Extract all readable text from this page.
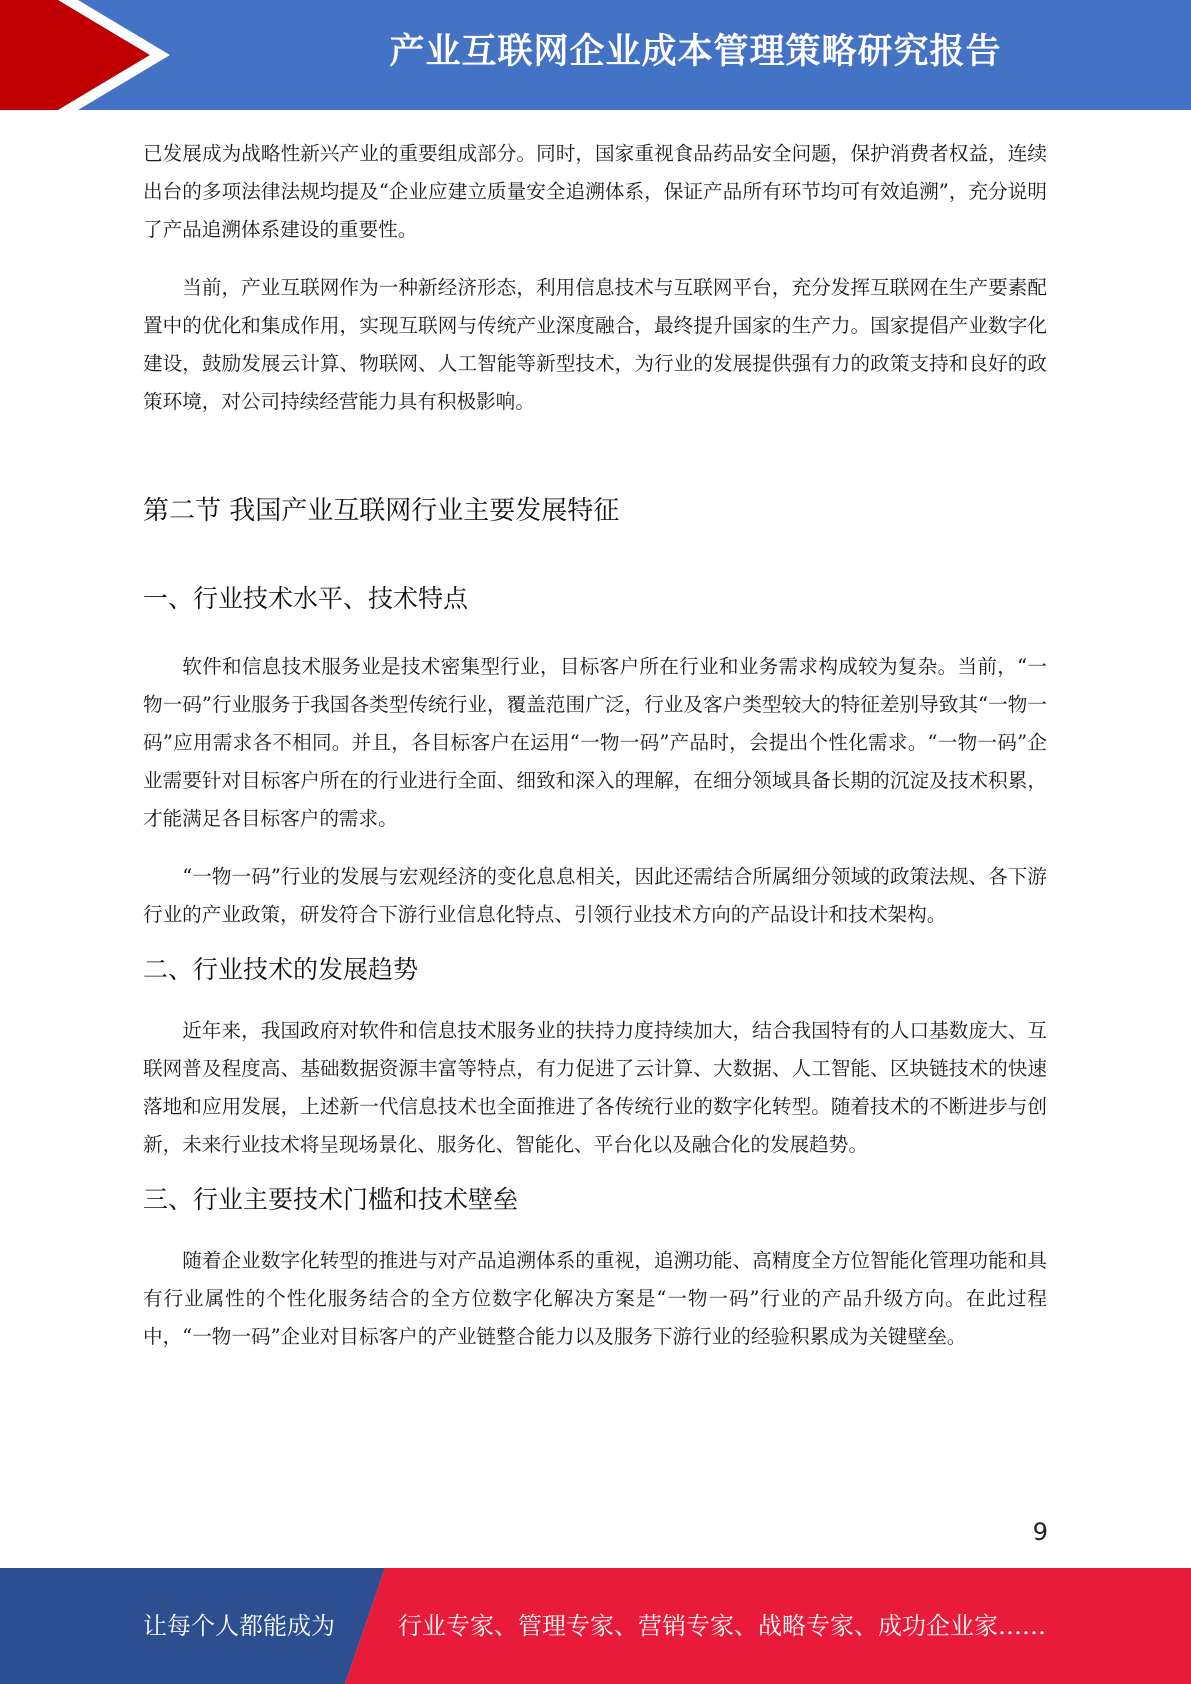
产业互联网企业成本管理策略研究报告

已发展成为战略性新兴产业的重要组成部分。同时，国家重视食品药品安全问题，保护消费者权益，连续出台的多项法律法规均提及“企业应建立质量安全追溯体系，保证产品所有环节均可有效追溯”，充分说明了产品追溯体系建设的重要性。

当前，产业互联网作为一种新经济形态，利用信息技术与互联网平台，充分发挥互联网在生产要素配置中的优化和集成作用，实现互联网与传统产业深度融合，最终提升国家的生产力。国家提倡产业数字化建设，鼓励发展云计算、物联网、人工智能等新型技术，为行业的发展提供强有力的政策支持和良好的政策环境，对公司持续经营能力具有积极影响。

第二节 我国产业互联网行业主要发展特征
一、行业技术水平、技术特点

软件和信息技术服务业是技术密集型行业，目标客户所在行业和业务需求构成较为复杂。当前，“一物一码”行业服务于我国各类型传统行业，覆盖范围广泛，行业及客户类型较大的特征差别导致其“一物一码”应用需求各不相同。并且，各目标客户在运用“一物一码”产品时，会提出个性化需求。“一物一码”企业需要针对目标客户所在的行业进行全面、细致和深入的理解，在细分领域具备长期的沉淀及技术积累，才能满足各目标客户的需求。

“一物一码”行业的发展与宏观经济的变化息息相关，因此还需结合所属细分领域的政策法规、各下游行业的产业政策，研发符合下游行业信息化特点、引领行业技术方向的产品设计和技术架构。

二、行业技术的发展趋势

近年来，我国政府对软件和信息技术服务业的扶持力度持续加大，结合我国特有的人口基数庞大、互联网普及程度高、基础数据资源丰富等特点，有力促进了云计算、大数据、人工智能、区块链技术的快速落地和应用发展，上述新一代信息技术也全面推进了各传统行业的数字化转型。随着技术的不断进步与创新，未来行业技术将呈现场景化、服务化、智能化、平台化以及融合化的发展趋势。

三、行业主要技术门槛和技术壁垒

随着企业数字化转型的推进与对产品追溯体系的重视，追溯功能、高精度全方位智能化管理功能和具有行业属性的个性化服务结合的全方位数字化解决方案是“一物一码”行业的产品升级方向。在此过程中，“一物一码”企业对目标客户的产业链整合能力以及服务下游行业的经验积累成为关键壁垒。

9
让每个人都能成为	行业专家、管理专家、营销专家、战略专家、成功企业家……
